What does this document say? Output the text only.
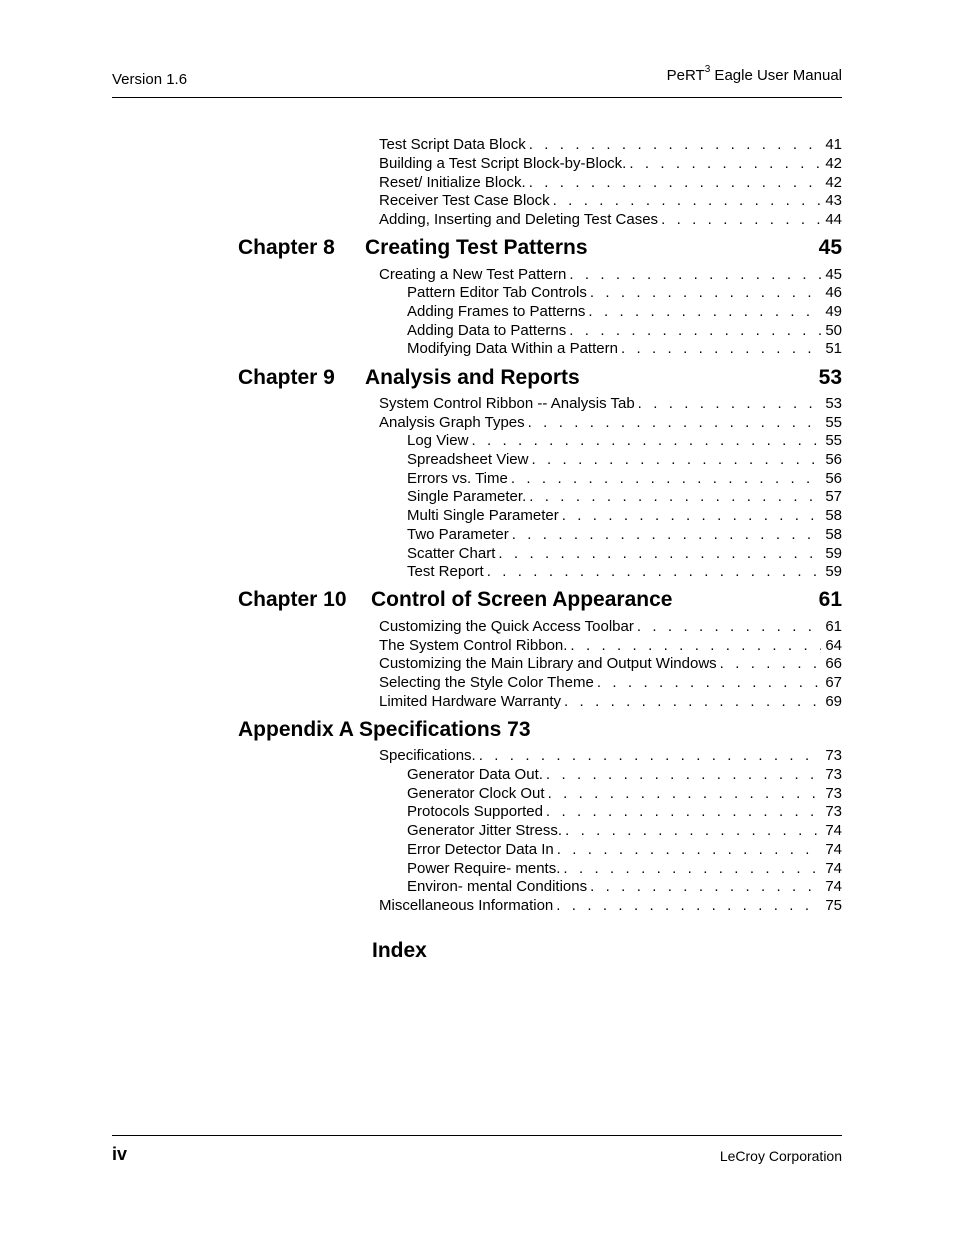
Version 1.6	PeRT$^3$ Eagle User Manual
Test Script Data Block . . .	41
Building a Test Script Block-by-Block. . . .	42
Reset/ Initialize Block. . . .	42
Receiver Test Case Block . . .	43
Adding, Inserting and Deleting Test Cases . . .	44
Chapter 8	Creating Test Patterns	45
Creating a New Test Pattern . . .	45
Pattern Editor Tab Controls . . .	46
Adding Frames to Patterns . . .	49
Adding Data to Patterns . . .	50
Modifying Data Within a Pattern . . .	51
Chapter 9	Analysis and Reports	53
System Control Ribbon -- Analysis Tab . . .	53
Analysis Graph Types . . .	55
Log View . . .	55
Spreadsheet View . . .	56
Errors vs. Time . . .	56
Single Parameter. . . .	57
Multi Single Parameter . . .	58
Two Parameter . . .	58
Scatter Chart . . .	59
Test Report . . .	59
Chapter 10	Control of Screen Appearance	61
Customizing the Quick Access Toolbar . . .	61
The System Control Ribbon. . . .	64
Customizing the Main Library and Output Windows . . .	66
Selecting the Style Color Theme . . .	67
Limited Hardware Warranty . . .	69
Appendix A Specifications 73
Specifications. . . .	73
Generator Data Out. . . .	73
Generator Clock Out . . .	73
Protocols Supported . . .	73
Generator Jitter Stress. . . .	74
Error Detector Data In . . .	74
Power Require- ments. . . .	74
Environ- mental Conditions . . .	74
Miscellaneous Information . . .	75
Index
iv	LeCroy Corporation
